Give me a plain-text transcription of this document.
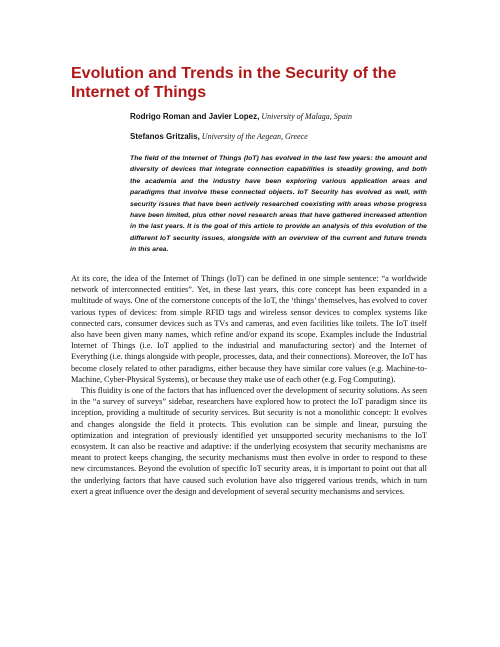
Evolution and Trends in the Security of the Internet of Things
Rodrigo Roman and Javier Lopez, University of Malaga, Spain
Stefanos Gritzalis, University of the Aegean, Greece

The field of the Internet of Things (IoT) has evolved in the last few years: the amount and diversity of devices that integrate connection capabilities is steadily growing, and both the academia and the industry have been exploring various application areas and paradigms that involve these connected objects. IoT Security has evolved as well, with security issues that have been actively researched coexisting with areas whose progress have been limited, plus other novel research areas that have gathered increased attention in the last years. It is the goal of this article to provide an analysis of this evolution of the different IoT security issues, alongside with an overview of the current and future trends in this area.

At its core, the idea of the Internet of Things (IoT) can be defined in one simple sentence: “a worldwide network of interconnected entities”. Yet, in these last years, this core concept has been expanded in a multitude of ways. One of the cornerstone concepts of the IoT, the ‘things’ themselves, has evolved to cover various types of devices: from simple RFID tags and wireless sensor devices to complex systems like connected cars, consumer devices such as TVs and cameras, and even facilities like toilets. The IoT itself also have been given many names, which refine and/or expand its scope. Examples include the Industrial Internet of Things (i.e. IoT applied to the industrial and manufacturing sector) and the Internet of Everything (i.e. things alongside with people, processes, data, and their connections). Moreover, the IoT has become closely related to other paradigms, either because they have similar core values (e.g. Machine-to-Machine, Cyber-Physical Systems), or because they make use of each other (e.g. Fog Computing).

This fluidity is one of the factors that has influenced over the development of security solutions. As seen in the “a survey of surveys” sidebar, researchers have explored how to protect the IoT paradigm since its inception, providing a multitude of security services. But security is not a monolithic concept: It evolves and changes alongside the field it protects. This evolution can be simple and linear, pursuing the optimization and integration of previously identified yet unsupported security mechanisms to the IoT ecosystem. It can also be reactive and adaptive: if the underlying ecosystem that security mechanisms are meant to protect keeps changing, the security mechanisms must then evolve in order to respond to these new circumstances. Beyond the evolution of specific IoT security areas, it is important to point out that all the underlying factors that have caused such evolution have also triggered various trends, which in turn exert a great influence over the design and development of several security mechanisms and services.
